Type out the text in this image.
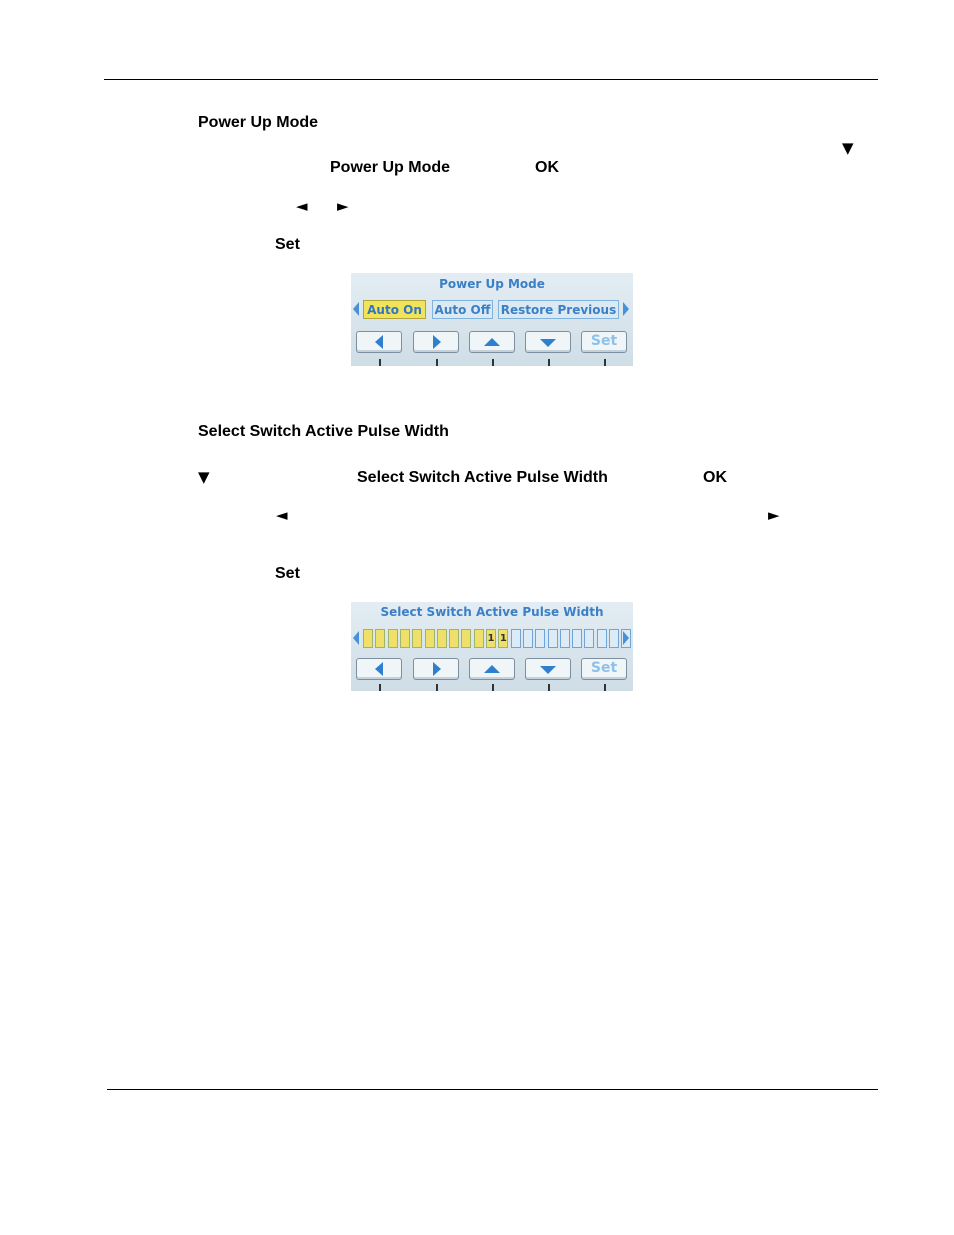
Power Up Mode
▼
Power Up Mode	OK
◄ ►
Set
Power Up Mode
Auto On	Auto Off Restore Previous
Set
Select Switch Active Pulse Width
▼	Select Switch Active Pulse Width	OK
◄	►
Set
Select Switch Active Pulse Width
1 1
Set
